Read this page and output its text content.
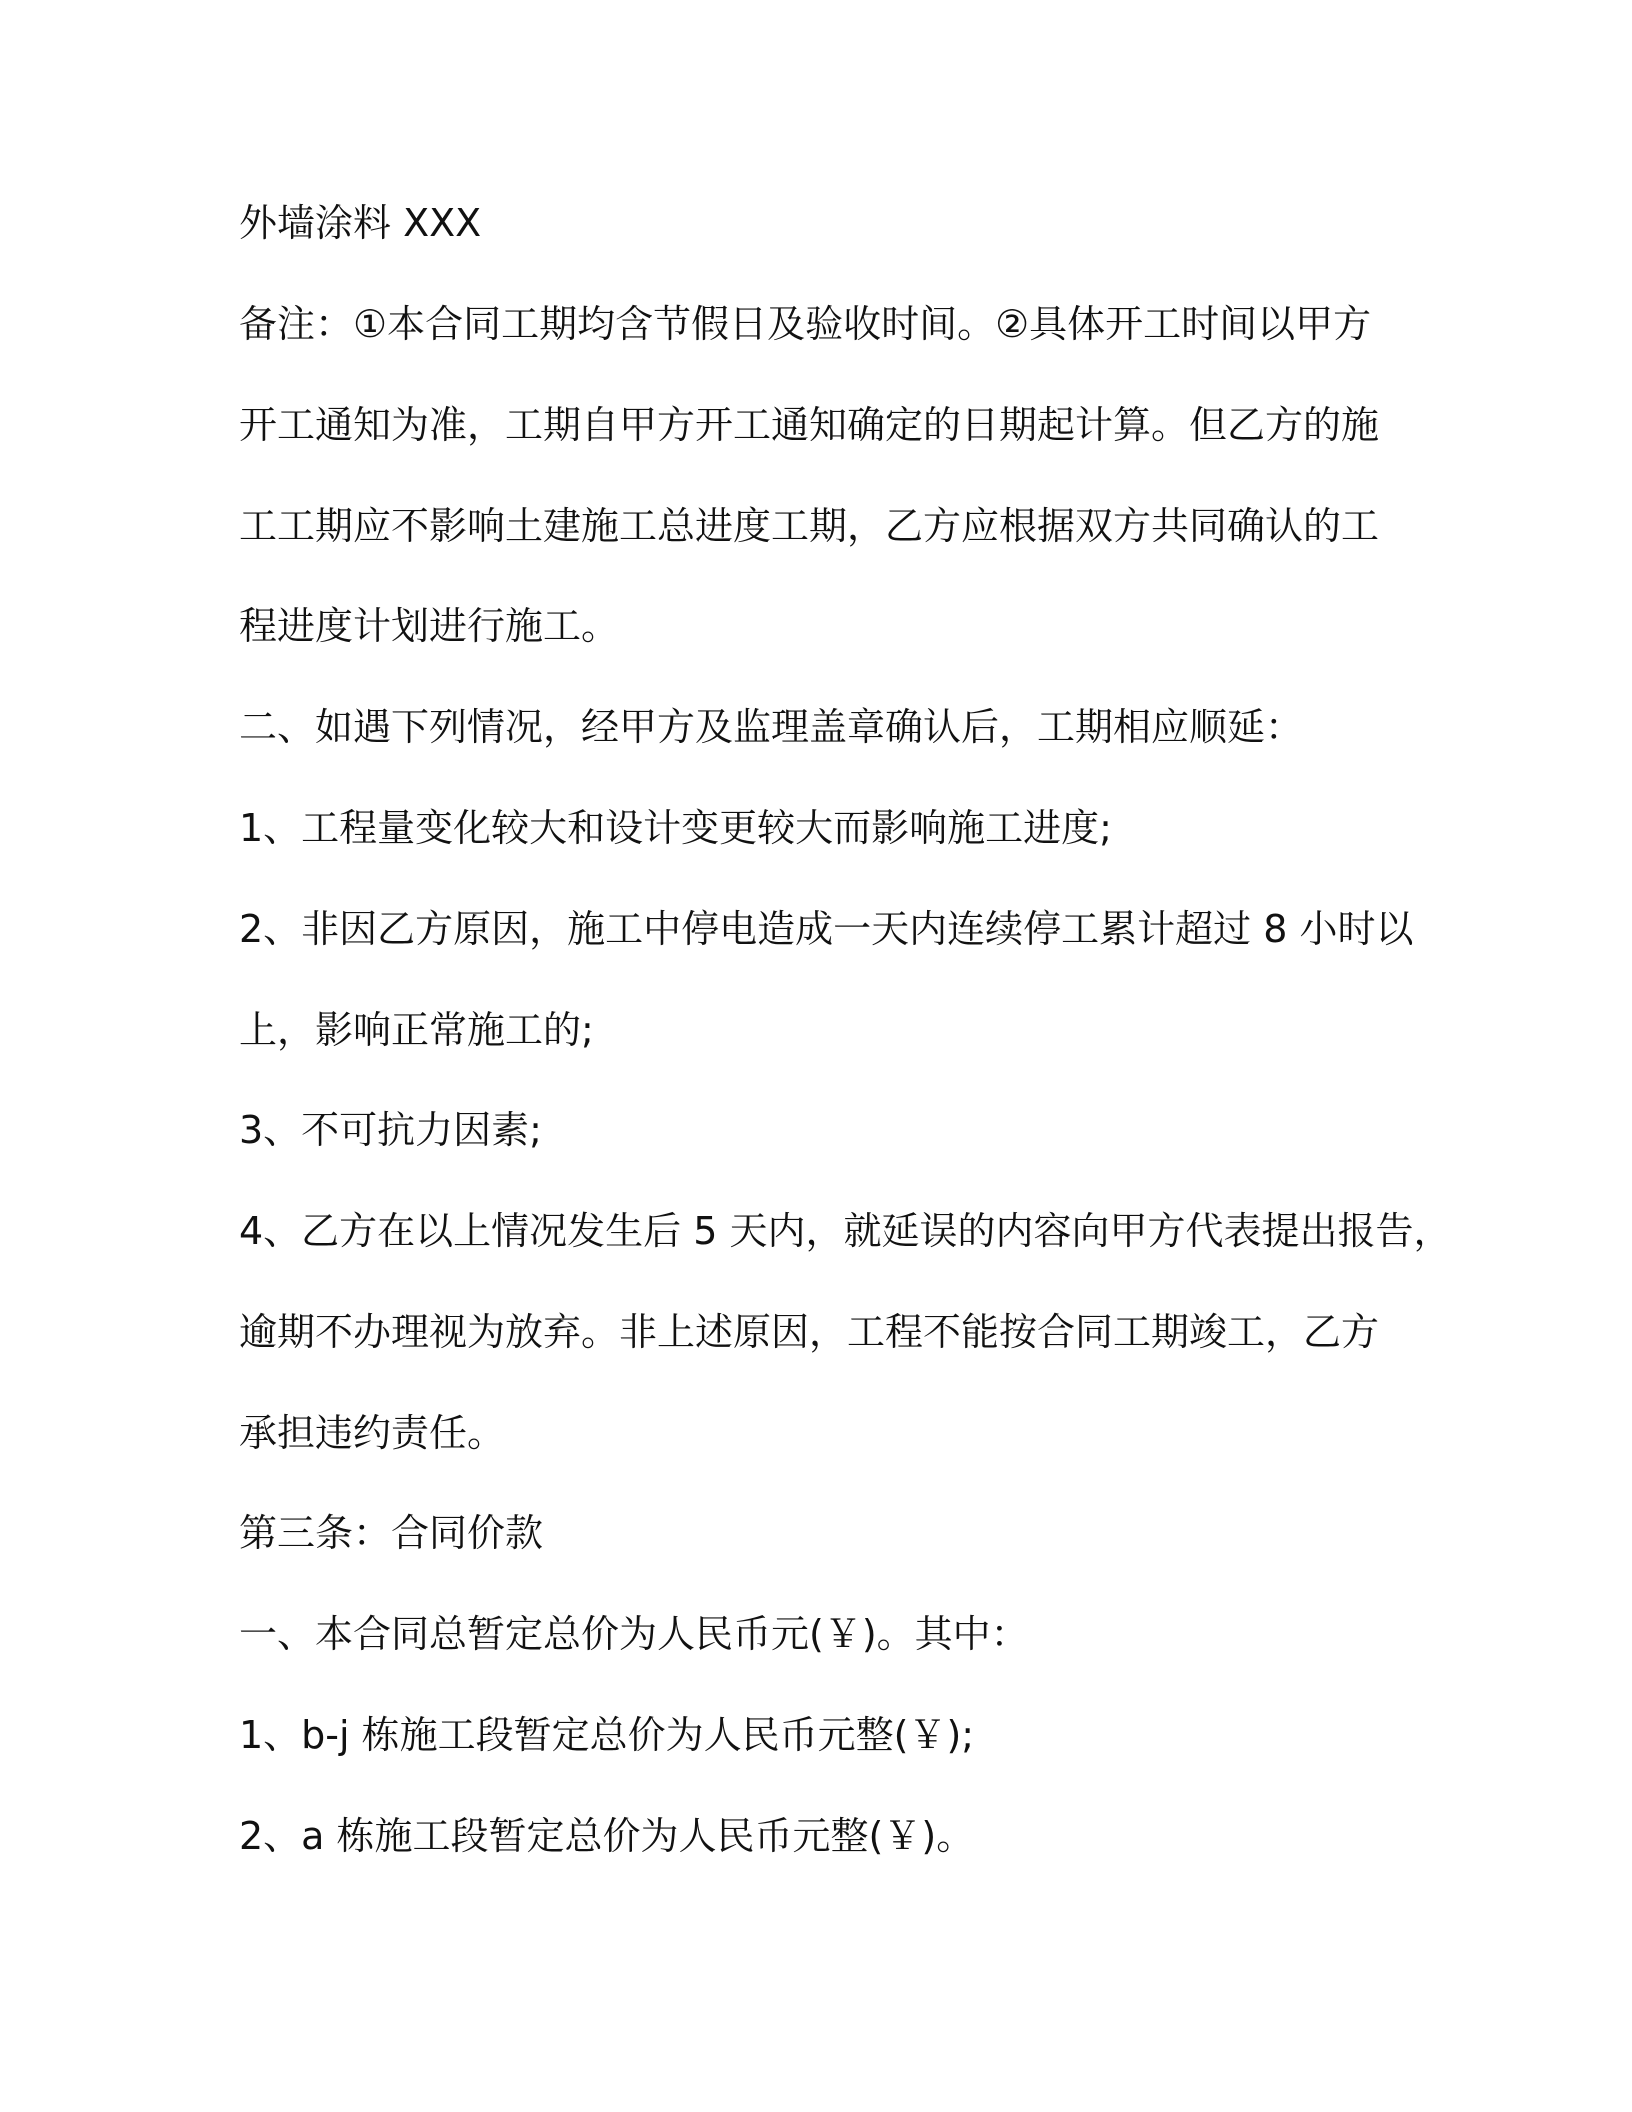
外墙涂料 XXX

备注：①本合同工期均含节假日及验收时间。②具体开工时间以甲方

开工通知为准，工期自甲方开工通知确定的日期起计算。但乙方的施

工工期应不影响土建施工总进度工期，乙方应根据双方共同确认的工

程进度计划进行施工。

二、如遇下列情况，经甲方及监理盖章确认后，工期相应顺延：

1、工程量变化较大和设计变更较大而影响施工进度;

2、非因乙方原因，施工中停电造成一天内连续停工累计超过 8 小时以

上，影响正常施工的;

3、不可抗力因素;

4、乙方在以上情况发生后 5 天内，就延误的内容向甲方代表提出报告，

逾期不办理视为放弃。非上述原因，工程不能按合同工期竣工，乙方

承担违约责任。

第三条：合同价款

一、本合同总暂定总价为人民币元(￥)。其中：

1、b-j 栋施工段暂定总价为人民币元整(￥);

2、a 栋施工段暂定总价为人民币元整(￥)。
